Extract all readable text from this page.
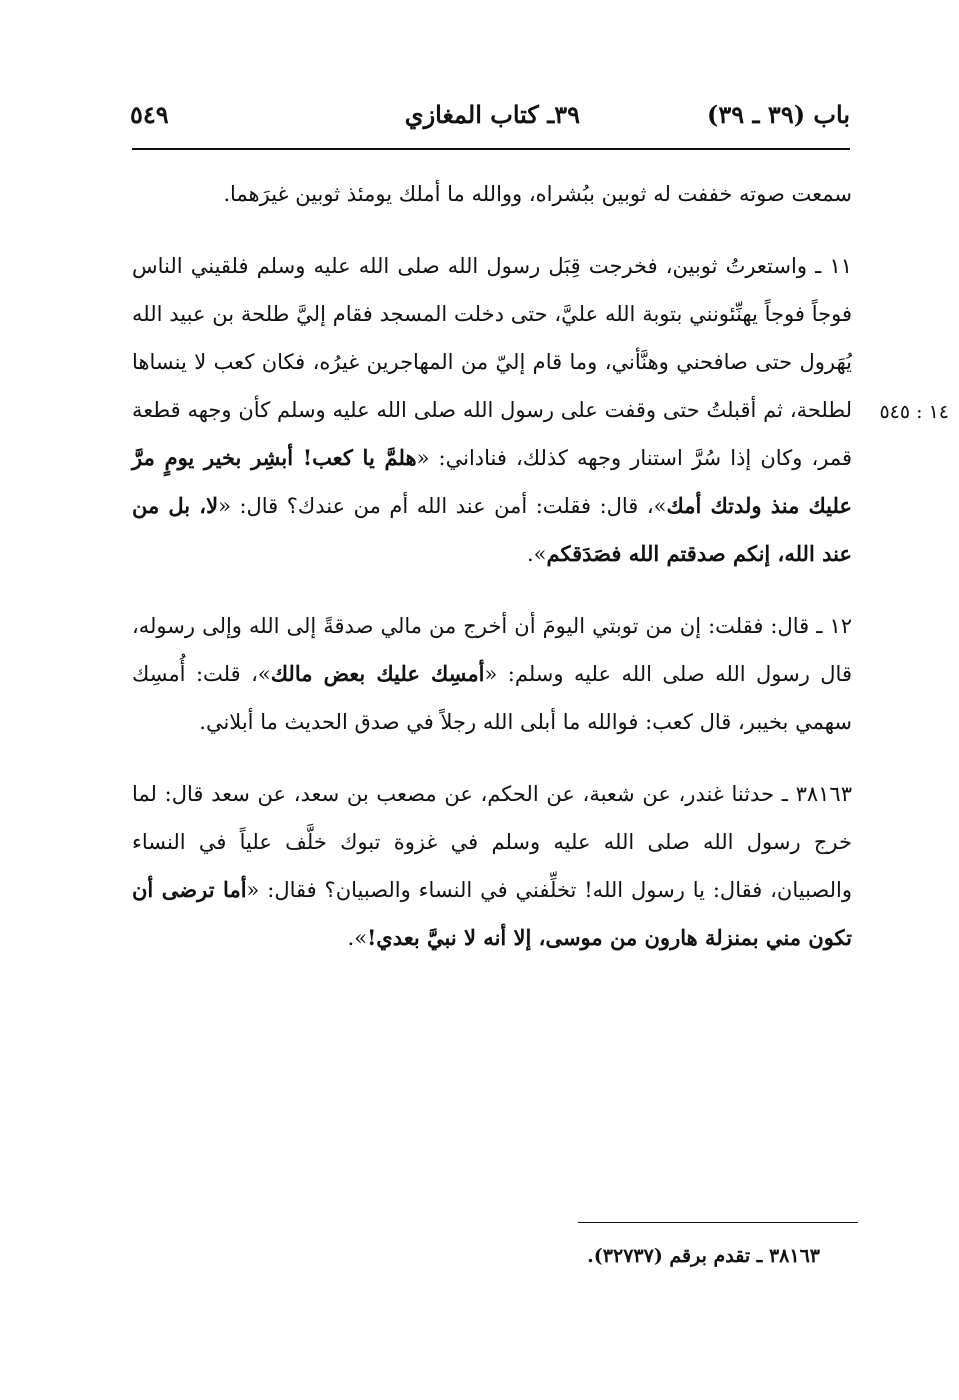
باب (٣٩ ـ ٣٩)
٣٩ـ كتاب المغازي
٥٤٩

سمعت صوته خففت له ثوبين ببُشراه، ووالله ما أملك يومئذ ثوبين غيرَهما.

١١ ـ واستعرتُ ثوبين، فخرجت قِبَل رسول الله صلى الله عليه وسلم فلقيني الناس فوجاً فوجاً يهنِّئونني بتوبة الله عليَّ، حتى دخلت المسجد فقام إليَّ طلحة بن عبيد الله يُهَرول حتى صافحني وهنَّأني، وما قام إليّ من المهاجرين غيرُه، فكان كعب لا ينساها لطلحة، ثم أقبلتُ حتى وقفت على رسول الله صلى الله عليه وسلم كأن وجهه قطعة قمر، وكان إذا سُرَّ استنار وجهه كذلك، فناداني: «هلمَّ يا كعب! أبشِر بخير يومٍ مرَّ عليك منذ ولدتك أمك»، قال: فقلت: أمن عند الله أم من عندك؟ قال: «لا، بل من عند الله، إنكم صدقتم الله فصَدَقكم».

١٢ ـ قال: فقلت: إن من توبتي اليومَ أن أخرج من مالي صدقةً إلى الله وإلى رسوله، قال رسول الله صلى الله عليه وسلم: «أمسِك عليك بعض مالك»، قلت: أُمسِك سهمي بخيبر، قال كعب: فوالله ما أبلى الله رجلاً في صدق الحديث ما أبلاني.

٣٨١٦٣ ـ حدثنا غندر، عن شعبة، عن الحكم، عن مصعب بن سعد، عن سعد قال: لما خرج رسول الله صلى الله عليه وسلم في غزوة تبوك خلَّف علياً في النساء والصبيان، فقال: يا رسول الله! تخلِّفني في النساء والصبيان؟ فقال: «أما ترضى أن تكون مني بمنزلة هارون من موسى، إلا أنه لا نبيَّ بعدي!».

١٤ : ٥٤٥
٣٨١٦٣ ـ تقدم برقم (٣٢٧٣٧).
